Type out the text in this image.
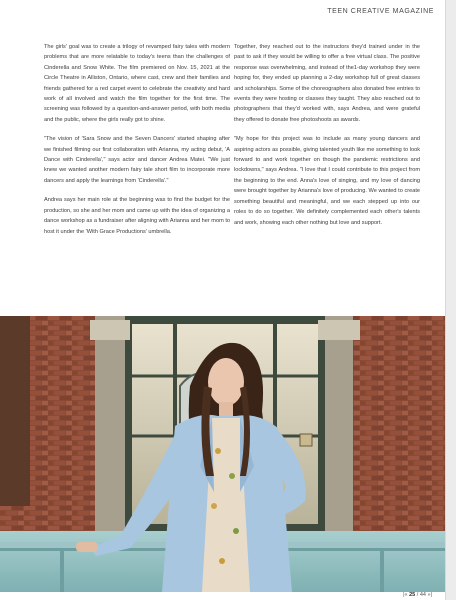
TEEN CREATIVE MAGAZINE

The girls' goal was to create a trilogy of revamped fairy tales with modern problems that are more relatable to today's teens than the challenges of Cinderella and Snow White. The film premiered on Nov. 15, 2021 at the Circle Theatre in Alliston, Ontario, where cast, crew and their families and friends gathered for a red carpet event to celebrate the creativity and hard work of all involved and watch the film together for the first time. The screening was followed by a question-and-answer period, with both media and the public, where the girls really got to shine.

"The vision of 'Sara Snow and the Seven Dancers' started shaping after we finished filming our first collaboration with Arianna, my acting debut, 'A Dance with Cinderella'," says actor and dancer Andrea Matei. "We just knew we wanted another modern fairy tale short film to incorporate more dancers and apply the learnings from 'Cinderella'."

Andrea says her main role at the beginning was to find the budget for the production, so she and her mom and came up with the idea of organizing a dance workshop as a fundraiser after aligning with Arianna and her mom to host it under the 'With Grace Productions' umbrella.

Together, they reached out to the instructors they'd trained under in the past to ask if they would be willing to offer a free virtual class. The positive response was overwhelming, and instead of the1-day workshop they were hoping for, they ended up planning a 2-day workshop full of great classes and scholarships. Some of the choreographers also donated free entries to events they were hosting or classes they taught. They also reached out to photographers that they'd worked with, says Andrea, and were grateful they offered to donate free photoshoots as awards.

"My hope for this project was to include as many young dancers and aspiring actors as possible, giving talented youth like me something to look forward to and work together on though the pandemic restrictions and lockdowns," says Andrea. "I love that I could contribute to this project from the beginning to the end. Anna's love of singing, and my love of dancing were brought together by Arianna's love of producing. We wanted to create something beautiful and meaningful, and we each stepped up into our roles to do so together. We definitely complemented each other's talents and work, showing each other nothing but love and support.

|« 25 / 44 »|
